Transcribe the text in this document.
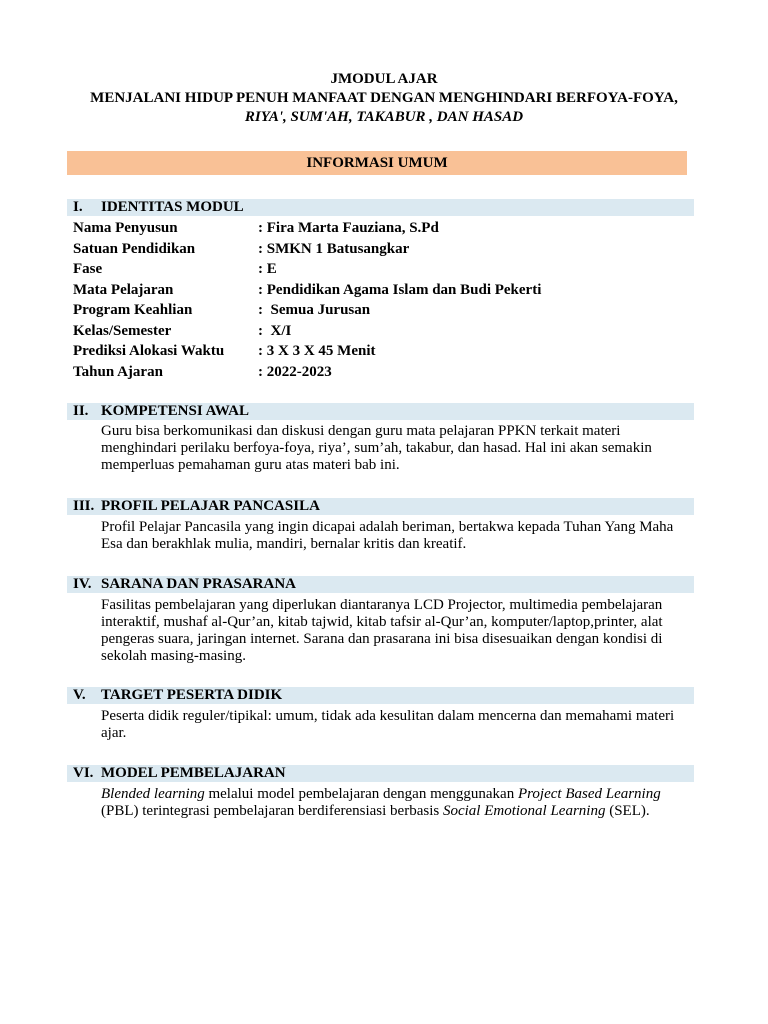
JMODUL AJAR
MENJALANI HIDUP PENUH MANFAAT DENGAN MENGHINDARI BERFOYA-FOYA,
RIYA', SUM'AH, TAKABUR , DAN HASAD
INFORMASI UMUM
I. IDENTITAS MODUL
Nama Penyusun	: Fira Marta Fauziana, S.Pd
Satuan Pendidikan	: SMKN 1 Batusangkar
Fase	: E
Mata Pelajaran	: Pendidikan Agama Islam dan Budi Pekerti
Program Keahlian	:  Semua Jurusan
Kelas/Semester	:  X/I
Prediksi Alokasi Waktu : 3 X 3 X 45 Menit
Tahun Ajaran	: 2022-2023
II. KOMPETENSI AWAL
Guru bisa berkomunikasi dan diskusi dengan guru mata pelajaran PPKN terkait materi
menghindari perilaku berfoya-foya, riya’, sum’ah, takabur, dan hasad. Hal ini akan semakin
memperluas pemahaman guru atas materi bab ini.
III. PROFIL PELAJAR PANCASILA
Profil Pelajar Pancasila yang ingin dicapai adalah beriman, bertakwa kepada Tuhan Yang Maha
Esa dan berakhlak mulia, mandiri, bernalar kritis dan kreatif.
IV. SARANA DAN PRASARANA
Fasilitas pembelajaran yang diperlukan diantaranya LCD Projector, multimedia pembelajaran
interaktif, mushaf al-Qur’an, kitab tajwid, kitab tafsir al-Qur’an, komputer/laptop,printer, alat
pengeras suara, jaringan internet. Sarana dan prasarana ini bisa disesuaikan dengan kondisi di
sekolah masing-masing.
V. TARGET PESERTA DIDIK
Peserta didik reguler/tipikal: umum, tidak ada kesulitan dalam mencerna dan memahami materi
ajar.
VI. MODEL PEMBELAJARAN
Blended learning melalui model pembelajaran dengan menggunakan Project Based Learning
(PBL) terintegrasi pembelajaran berdiferensiasi berbasis Social Emotional Learning (SEL).
